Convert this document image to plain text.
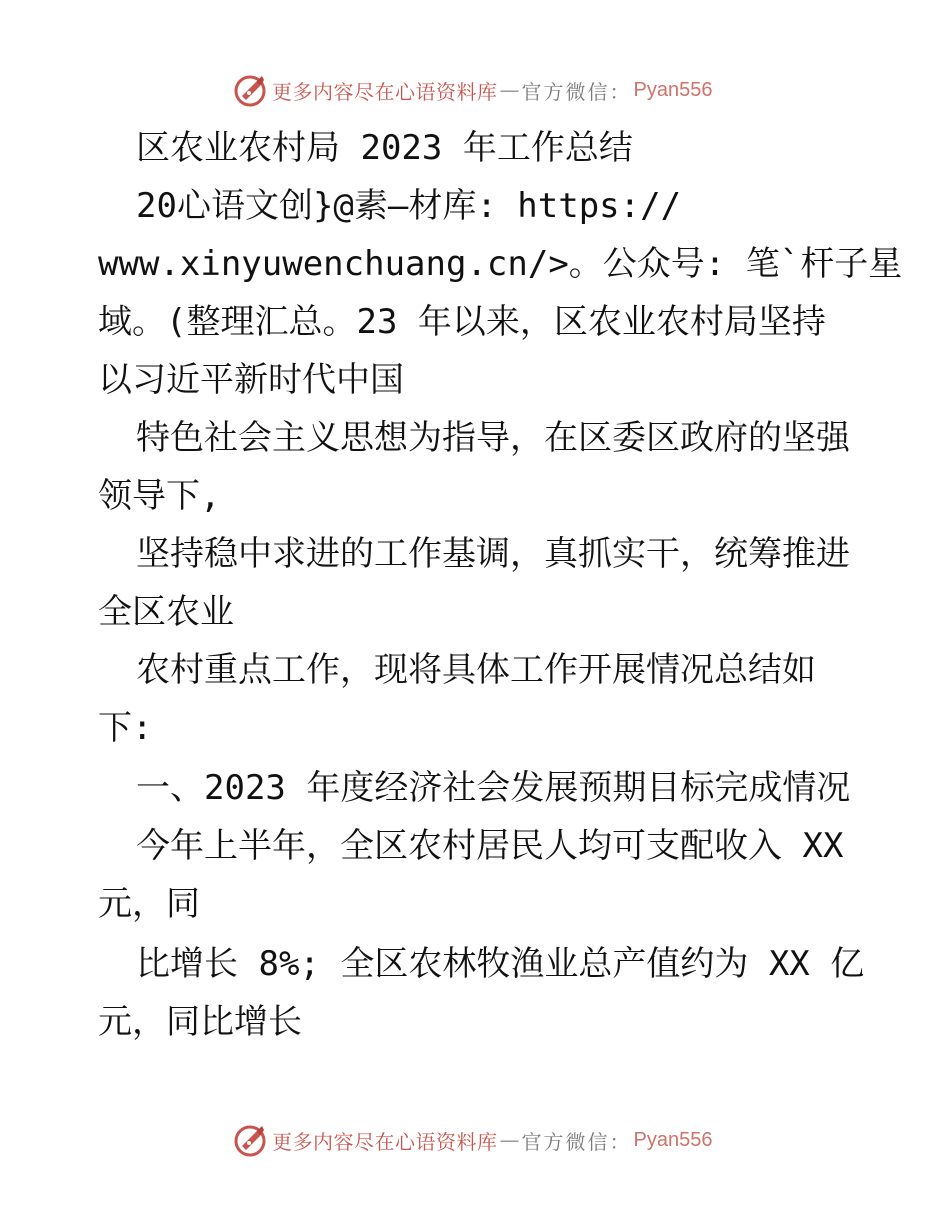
更多内容尽在心语资料库 — 官方微信： Pyan556
区农业农村局 2023 年工作总结
20心语文创}@素—材库: https://
www.xinyuwenchuang.cn/>。公众号: 笔`杆子星
域。(整理汇总。23 年以来，区农业农村局坚持
以习近平新时代中国
特色社会主义思想为指导，在区委区政府的坚强
领导下,
坚持稳中求进的工作基调，真抓实干，统筹推进
全区农业
农村重点工作，现将具体工作开展情况总结如
下:
一、2023 年度经济社会发展预期目标完成情况
今年上半年，全区农村居民人均可支配收入 XX
元，同
比增长 8%; 全区农林牧渔业总产值约为 XX 亿
元，同比增长
更多内容尽在心语资料库 — 官方微信： Pyan556
